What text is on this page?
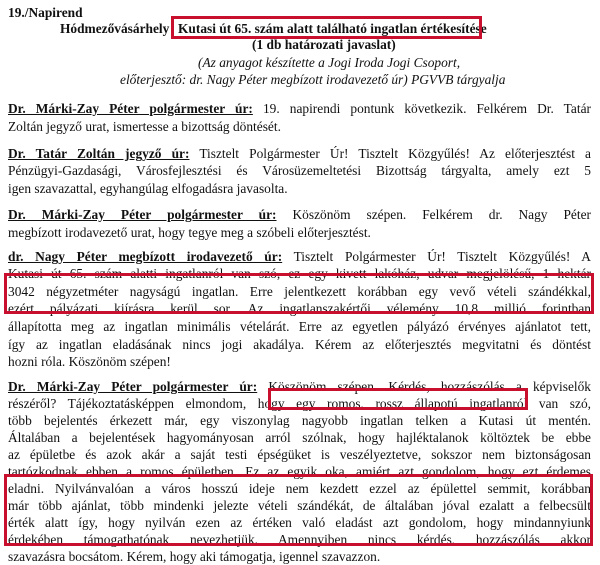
19./Napirend
Hódmezővásárhely Kutasi út 65. szám alatt található ingatlan értékesítése
(1 db határozati javaslat)
(Az anyagot készítette a Jogi Iroda Jogi Csoport,
előterjesztő: dr. Nagy Péter megbízott irodavezető úr) PGVVB tárgyalja
Dr. Márki-Zay Péter polgármester úr: 19. napirendi pontunk következik. Felkérem Dr. Tatár
Zoltán jegyző urat, ismertesse a bizottság döntését.
Dr. Tatár Zoltán jegyző úr: Tisztelt Polgármester Úr! Tisztelt Közgyűlés! Az előterjesztést a
Pénzügyi-Gazdasági, Városfejlesztési és Városüzemeltetési Bizottság tárgyalta, amely ezt 5
igen szavazattal, egyhangúlag elfogadásra javasolta.
Dr. Márki-Zay Péter polgármester úr: Köszönöm szépen. Felkérem dr. Nagy Péter
megbízott irodavezető urat, hogy tegye meg a szóbeli előterjesztést.
dr. Nagy Péter megbízott irodavezető úr: Tisztelt Polgármester Úr! Tisztelt Közgyűlés! A
Kutasi út 65. szám alatti ingatlanról van szó, ez egy kivett lakóház, udvar megjelölésű, 1 hektár
3042 négyzetméter nagyságú ingatlan. Erre jelentkezett korábban egy vevő vételi szándékkal,
ezért pályázati kiírásra kerül sor. Az ingatlanszakértői vélemény 10,8 millió forintban
állapította meg az ingatlan minimális vételárát. Erre az egyetlen pályázó érvényes ajánlatot tett,
így az ingatlan eladásának nincs jogi akadálya. Kérem az előterjesztés megvitatni és döntést
hozni róla. Köszönöm szépen!
Dr. Márki-Zay Péter polgármester úr: Köszönöm szépen. Kérdés, hozzászólás a képviselők
részéről? Tájékoztatásképpen elmondom, hogy egy romos, rossz állapotú ingatlanról van szó,
több bejelentés érkezett már, egy viszonylag nagyobb ingatlan telken a Kutasi út mentén.
Általában a bejelentések hagyományosan arról szólnak, hogy hajléktalanok költöztek be ebbe
az épületbe és azok akár a saját testi épségüket is veszélyeztetve, sokszor nem biztonságosan
tartózkodnak ebben a romos épületben. Ez az egyik oka, amiért azt gondolom, hogy ezt érdemes
eladni. Nyilvánvalóan a város hosszú ideje nem kezdett ezzel az épülettel semmit, korábban
már több ajánlat, több mindenki jelezte vételi szándékát, de általában jóval ezalatt a felbecsült
érték alatt így, hogy nyilván ezen az értéken való eladást azt gondolom, hogy mindannyiunk
érdekében támogathatónak nevezhetjük. Amennyiben nincs kérdés, hozzászólás akkor
szavazásra bocsátom. Kérem, hogy aki támogatja, igennel szavazzon.
